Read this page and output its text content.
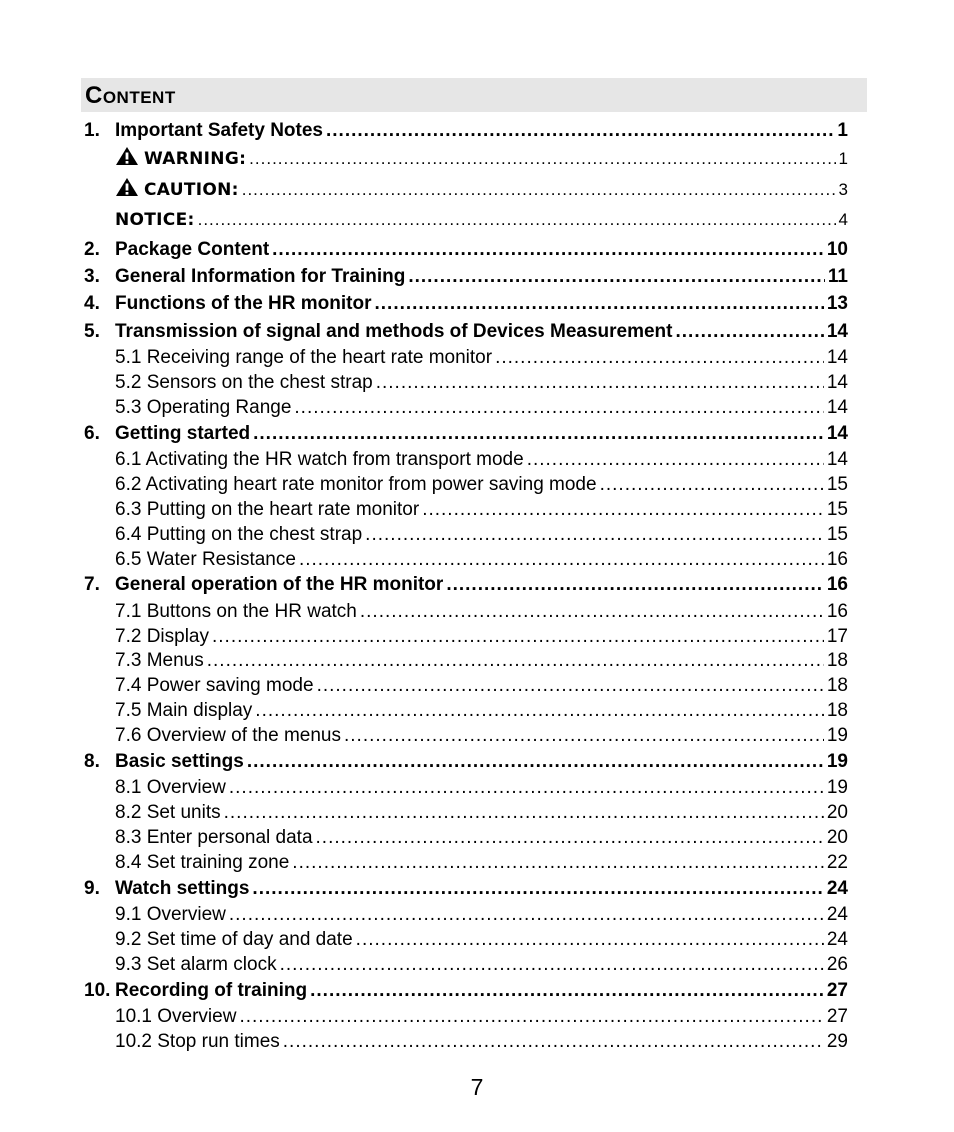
Content
1. Important Safety Notes .....	1
WARNING: .....	1
CAUTION: .....	3
NOTICE: .....	4
2. Package Content .....	10
3. General Information for Training .....	11
4. Functions of the HR monitor .....	13
5. Transmission of signal and methods of Devices Measurement .....	14
5.1 Receiving range of the heart rate monitor .....	14
5.2 Sensors on the chest strap .....	14
5.3 Operating Range .....	14
6. Getting started .....	14
6.1 Activating the HR watch from transport mode .....	14
6.2 Activating heart rate monitor from power saving mode .....	15
6.3 Putting on the heart rate monitor .....	15
6.4 Putting on the chest strap .....	15
6.5 Water Resistance .....	16
7. General operation of the HR monitor .....	16
7.1 Buttons on the HR watch .....	16
7.2 Display .....	17
7.3 Menus .....	18
7.4 Power saving mode .....	18
7.5 Main display .....	18
7.6 Overview of the menus .....	19
8. Basic settings .....	19
8.1 Overview .....	19
8.2 Set units .....	20
8.3 Enter personal data .....	20
8.4 Set training zone .....	22
9. Watch settings .....	24
9.1 Overview .....	24
9.2 Set time of day and date .....	24
9.3 Set alarm clock .....	26
10. Recording of training .....	27
10.1 Overview .....	27
10.2 Stop run times .....	29
7
